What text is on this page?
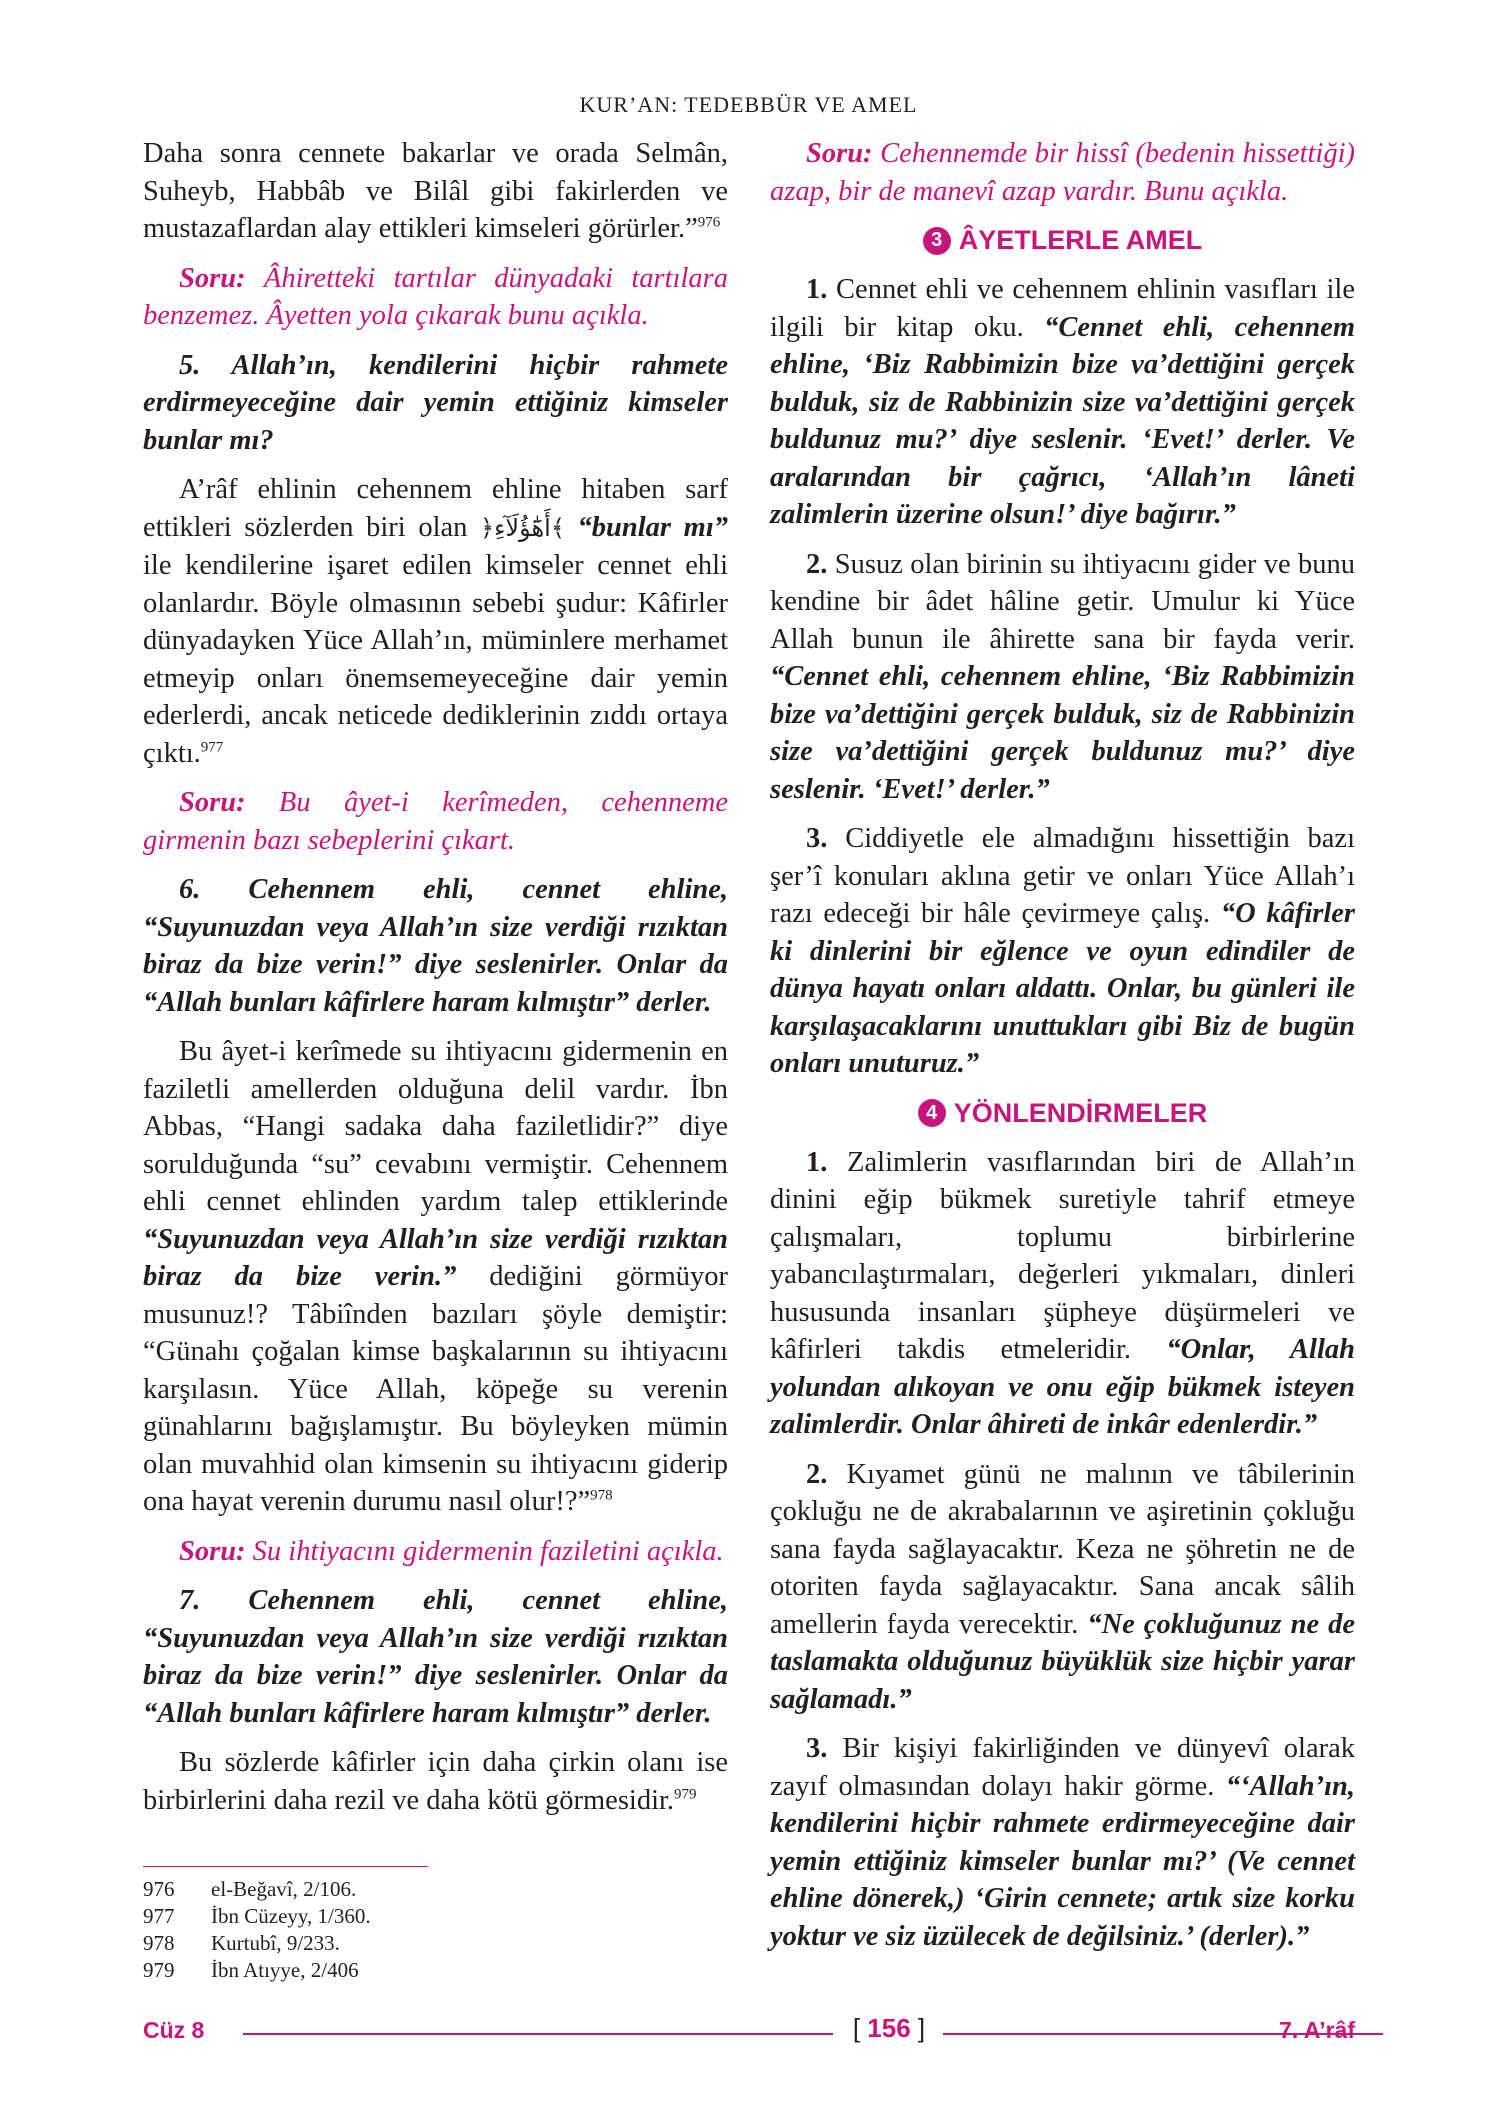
KUR’AN: TEDEBBÜR VE AMEL

Daha sonra cennete bakarlar ve orada Selmân, Suheyb, Habbâb ve Bilâl gibi fakirlerden ve mustazaflardan alay ettikleri kimseleri görürler.”$^{976}$

Soru: Âhiretteki tartılar dünyadaki tartılara benzemez. Âyetten yola çıkarak bunu açıkla.

5. Allah’ın, kendilerini hiçbir rahmete erdirmeyeceğine dair yemin ettiğiniz kimseler bunlar mı?

A’râf ehlinin cehennem ehline hitaben sarf ettikleri sözlerden biri olan ﴿أَهَٰٓؤُلَآءِ﴾ “bunlar mı” ile kendilerine işaret edilen kimseler cennet ehli olanlardır. Böyle olmasının sebebi şudur: Kâfirler dünyadayken Yüce Allah’ın, müminlere merhamet etmeyip onları önemsemeyeceğine dair yemin ederlerdi, ancak neticede dediklerinin zıddı ortaya çıktı.$^{977}$

Soru: Bu âyet-i kerîmeden, cehenneme girmenin bazı sebeplerini çıkart.

6. Cehennem ehli, cennet ehline, “Suyunuzdan veya Allah’ın size verdiği rızıktan biraz da bize verin!” diye seslenirler. Onlar da “Allah bunları kâfirlere haram kılmıştır” derler.

Bu âyet-i kerîmede su ihtiyacını gidermenin en faziletli amellerden olduğuna delil vardır. İbn Abbas, “Hangi sadaka daha faziletlidir?” diye sorulduğunda “su” cevabını vermiştir. Cehennem ehli cennet ehlinden yardım talep ettiklerinde “Suyunuzdan veya Allah’ın size verdiği rızıktan biraz da bize verin.” dediğini görmüyor musunuz!? Tâbiînden bazıları şöyle demiştir: “Günahı çoğalan kimse başkalarının su ihtiyacını karşılasın. Yüce Allah, köpeğe su verenin günahlarını bağışlamıştır. Bu böyleyken mümin olan muvahhid olan kimsenin su ihtiyacını giderip ona hayat verenin durumu nasıl olur!?”$^{978}$

Soru: Su ihtiyacını gidermenin faziletini açıkla.

7. Cehennem ehli, cennet ehline, “Suyunuzdan veya Allah’ın size verdiği rızıktan biraz da bize verin!” diye seslenirler. Onlar da “Allah bunları kâfirlere haram kılmıştır” derler.

Bu sözlerde kâfirler için daha çirkin olanı ise birbirlerini daha rezil ve daha kötü görmesidir.$^{979}$

Soru: Cehennemde bir hissî (bedenin hissettiği) azap, bir de manevî azap vardır. Bunu açıkla.

3 ÂYETLERLE AMEL

1. Cennet ehli ve cehennem ehlinin vasıfları ile ilgili bir kitap oku. “Cennet ehli, cehennem ehline, ‘Biz Rabbimizin bize va’dettiğini gerçek bulduk, siz de Rabbinizin size va’dettiğini gerçek buldunuz mu?’ diye seslenir. ‘Evet!’ derler. Ve aralarından bir çağrıcı, ‘Allah’ın lâneti zalimlerin üzerine olsun!’ diye bağırır.”

2. Susuz olan birinin su ihtiyacını gider ve bunu kendine bir âdet hâline getir. Umulur ki Yüce Allah bunun ile âhirette sana bir fayda verir. “Cennet ehli, cehennem ehline, ‘Biz Rabbimizin bize va’dettiğini gerçek bulduk, siz de Rabbinizin size va’dettiğini gerçek buldunuz mu?’ diye seslenir. ‘Evet!’ derler.”

3. Ciddiyetle ele almadığını hissettiğin bazı şer’î konuları aklına getir ve onları Yüce Allah’ı razı edeceği bir hâle çevirmeye çalış. “O kâfirler ki dinlerini bir eğlence ve oyun edindiler de dünya hayatı onları aldattı. Onlar, bu günleri ile karşılaşacaklarını unuttukları gibi Biz de bugün onları unuturuz.”

4 YÖNLENDİRMELER

1. Zalimlerin vasıflarından biri de Allah’ın dinini eğip bükmek suretiyle tahrif etmeye çalışmaları, toplumu birbirlerine yabancılaştırmaları, değerleri yıkmaları, dinleri hususunda insanları şüpheye düşürmeleri ve kâfirleri takdis etmeleridir. “Onlar, Allah yolundan alıkoyan ve onu eğip bükmek isteyen zalimlerdir. Onlar âhireti de inkâr edenlerdir.”

2. Kıyamet günü ne malının ve tâbilerinin çokluğu ne de akrabalarının ve aşiretinin çokluğu sana fayda sağlayacaktır. Keza ne şöhretin ne de otoriten fayda sağlayacaktır. Sana ancak sâlih amellerin fayda verecektir. “Ne çokluğunuz ne de taslamakta olduğunuz büyüklük size hiçbir yarar sağlamadı.”

3. Bir kişiyi fakirliğinden ve dünyevî olarak zayıf olmasından dolayı hakir görme. “‘Allah’ın, kendilerini hiçbir rahmete erdirmeyeceğine dair yemin ettiğiniz kimseler bunlar mı?’ (Ve cennet ehline dönerek,) ‘Girin cennete; artık size korku yoktur ve siz üzülecek de değilsiniz.’ (derler).”

976	el-Beğavî, 2/106.
977	İbn Cüzeyy, 1/360.
978	Kurtubî, 9/233.
979	İbn Atıyye, 2/406
Cüz 8	[ 156 ]	7. A’râf
